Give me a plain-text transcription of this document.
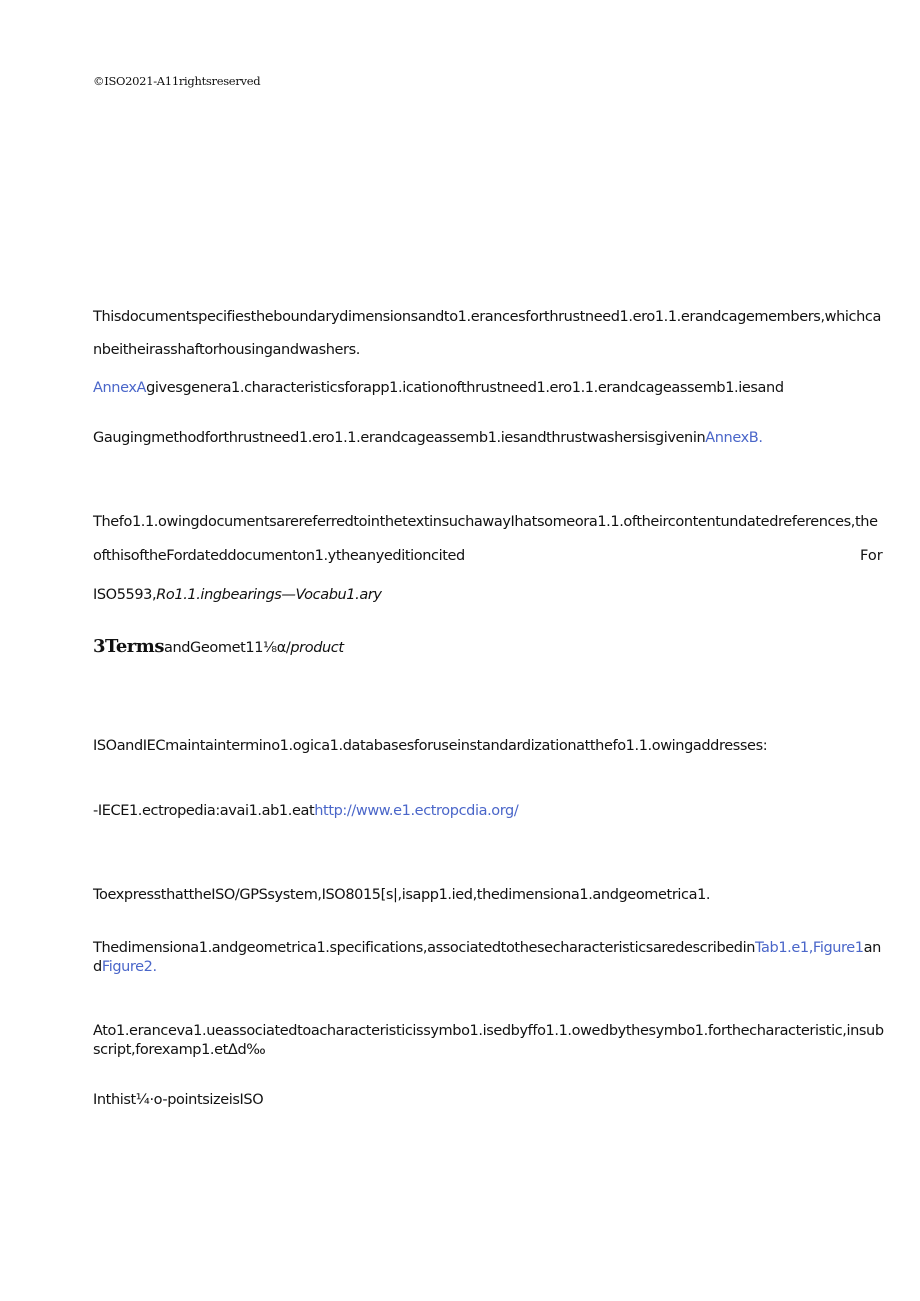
©ISO2021-A11rightsreserved
Thisdocumentspecifiestheboundarydimensionsandto1.erancesforthrustneed1.ero1.1.erandcagemembers,whichca
nbeitheirasshaftorhousingandwashers.
AnnexAgivesgenera1.characteristicsforapp1.icationofthrustneed1.ero1.1.erandcageassemb1.iesand
Gaugingmethodforthrustneed1.ero1.1.erandcageassemb1.iesandthrustwashersisgiveninAnnexB.
Thefo1.1.owingdocumentsarereferredtointhetextinsuchawayIhatsomeora1.1.oftheircontentundatedreferences,the
ofthisoftheFordateddocumenton1.ytheanyeditioncited	For
ISO5593,Ro1.1.ingbearings—Vocabu1.ary
3TermsandGeomet11⅛α/product
ISOandIECmaintaintermino1.ogica1.databasesforuseinstandardizationatthefo1.1.owingaddresses:
-IECE1.ectropedia:avai1.ab1.eathttp://www.e1.ectropcdia.org/
ToexpressthattheISO/GPSsystem,ISO8015[s|,isapp1.ied,thedimensiona1.andgeometrica1.
Thedimensiona1.andgeometrica1.specifications,associatedtothesecharacteristicsaredescribedinTab1.e1,Figure1andFigure2.
Ato1.eranceva1.ueassociatedtoacharacteristicissymbo1.isedbyffo1.1.owedbythesymbo1.forthecharacteristic,insubscript,forexamp1.etΔd‰
Inthist¼·o-pointsizeisISO
